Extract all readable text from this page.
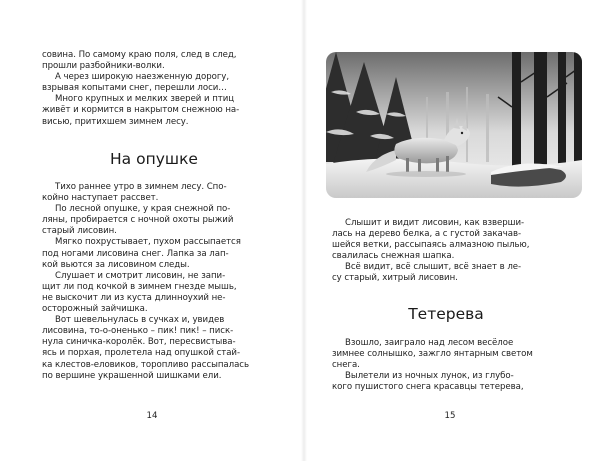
совина. По самому краю поля, след в след,
прошли разбойники-волки.

А через широкую наезженную дорогу,
взрывая копытами снег, перешли лоси…

Много крупных и мелких зверей и птиц
живёт и кормится в накрытом снежною на-
висью, притихшем зимнем лесу.

На опушке

Тихо раннее утро в зимнем лесу. Спо-
койно наступает рассвет.

По лесной опушке, у края снежной по-
ляны, пробирается с ночной охоты рыжий
старый лисовин.

Мягко похрустывает, пухом рассыпается
под ногами лисовина снег. Лапка за лап-
кой вьются за лисовином следы.

Слушает и смотрит лисовин, не запи-
щит ли под кочкой в зимнем гнезде мышь,
не выскочит ли из куста длинноухий не-
осторожный зайчишка.

Вот шевельнулась в сучках и, увидев
лисовина, то-о-оненько – пик! пик! – писк-
нула синичка-королёк. Вот, пересвистыва-
ясь и порхая, пролетела над опушкой стай-
ка клестов-еловиков, торопливо рассыпалась
по вершине украшенной шишками ели.

14

Слышит и видит лисовин, как взверши-
лась на дерево белка, а с густой закачав-
шейся ветки, рассыпаясь алмазною пылью,
свалилась снежная шапка.

Всё видит, всё слышит, всё знает в ле-
су старый, хитрый лисовин.

Тетерева

Взошло, заиграло над лесом весёлое
зимнее солнышко, зажгло янтарным светом
снега.

Вылетели из ночных лунок, из глубо-
кого пушистого снега красавцы тетерева,

15
